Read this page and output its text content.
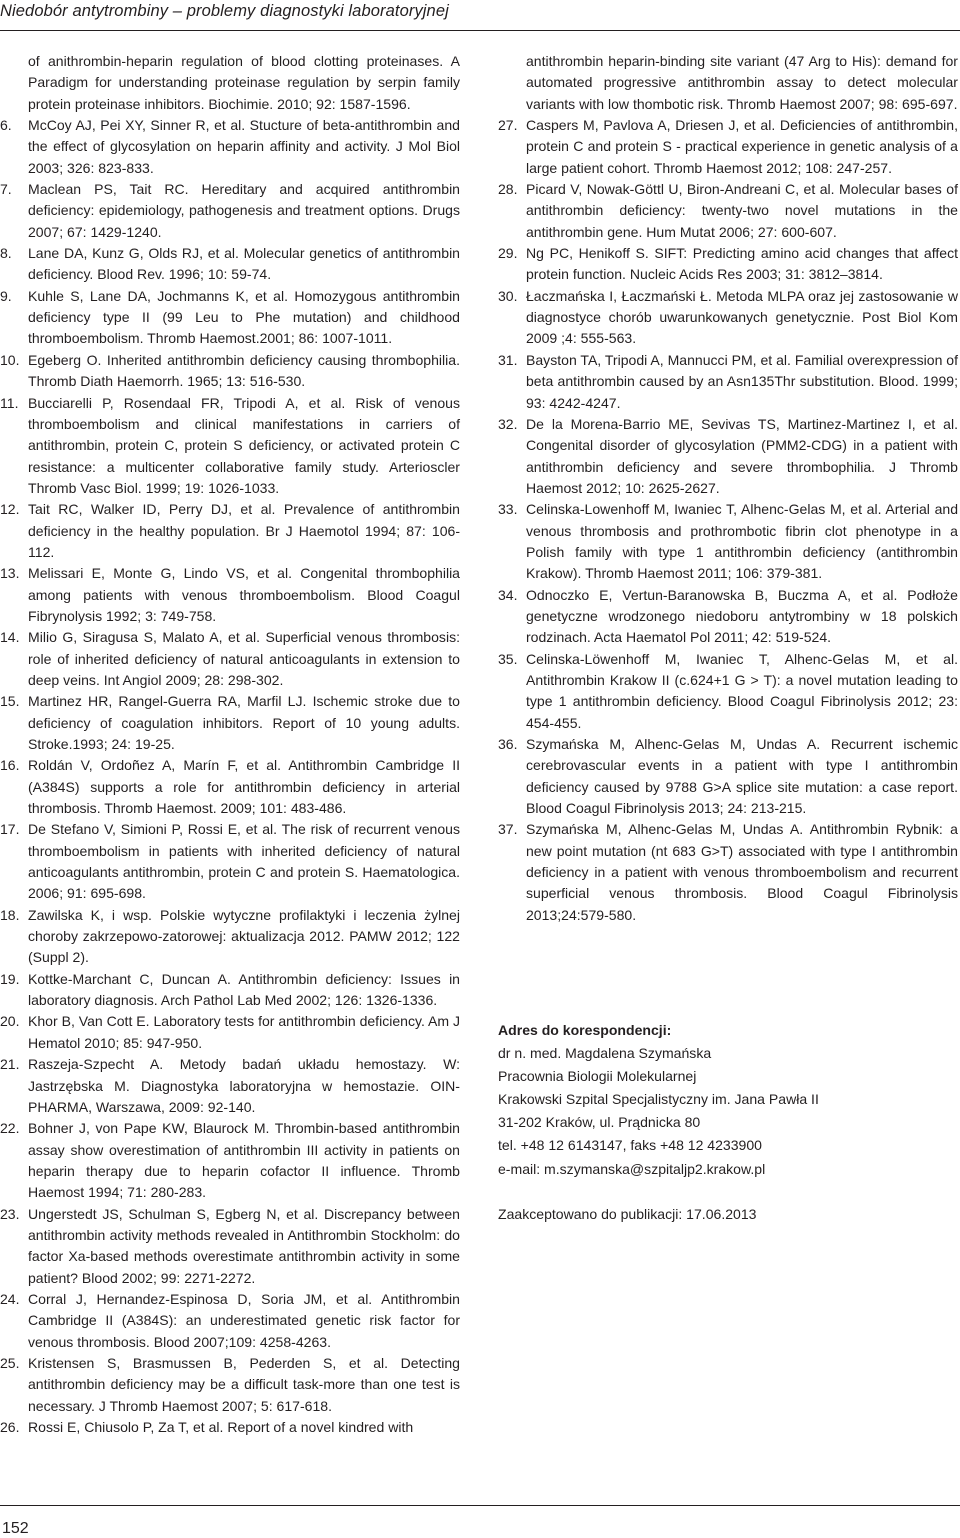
Niedobór antytrombiny – problemy diagnostyki laboratoryjnej
of anithrombin-heparin regulation of blood clotting proteinases. A Paradigm for understanding proteinase regulation by serpin family protein proteinase inhibitors. Biochimie. 2010; 92: 1587-1596.
6.	McCoy AJ, Pei XY, Sinner R, et al. Stucture of beta-antithrombin and the effect of glycosylation on heparin affinity and activity. J Mol Biol 2003; 326: 823-833.
7.	Maclean PS, Tait RC. Hereditary and acquired antithrombin deficiency: epidemiology, pathogenesis and treatment options. Drugs 2007; 67: 1429-1240.
8.	Lane DA, Kunz G, Olds RJ, et al. Molecular genetics of antithrombin deficiency. Blood Rev. 1996; 10: 59-74.
9.	Kuhle S, Lane DA, Jochmanns K, et al. Homozygous antithrombin deficiency type II (99 Leu to Phe mutation) and childhood thromboembolism. Thromb Haemost.2001; 86: 1007-1011.
10. Egeberg O. Inherited antithrombin deficiency causing thrombophilia. Thromb Diath Haemorrh. 1965; 13: 516-530.
11. Bucciarelli P, Rosendaal FR, Tripodi A, et al. Risk of venous thromboembolism and clinical manifestations in carriers of antithrombin, protein C, protein S deficiency, or activated protein C resistance: a multicenter collaborative family study. Arterioscler Thromb Vasc Biol. 1999; 19: 1026-1033.
12. Tait RC, Walker ID, Perry DJ, et al. Prevalence of antithrombin deficiency in the healthy population. Br J Haemotol 1994; 87: 106-112.
13. Melissari E, Monte G, Lindo VS, et al. Congenital thrombophilia among patients with venous thromboembolism. Blood Coagul Fibrynolysis 1992; 3: 749-758.
14. Milio G, Siragusa S, Malato A, et al. Superficial venous thrombosis: role of inherited deficiency of natural anticoagulants in extension to deep veins. Int Angiol 2009; 28: 298-302.
15. Martinez HR, Rangel-Guerra RA, Marfil LJ. Ischemic stroke due to deficiency of coagulation inhibitors. Report of 10 young adults. Stroke.1993; 24: 19-25.
16. Roldán V, Ordoñez A, Marín F, et al. Antithrombin Cambridge II (A384S) supports a role for antithrombin deficiency in arterial thrombosis. Thromb Haemost. 2009; 101: 483-486.
17. De Stefano V, Simioni P, Rossi E, et al. The risk of recurrent venous thromboembolism in patients with inherited deficiency of natural anticoagulants antithrombin, protein C and protein S. Haematologica. 2006; 91: 695-698.
18. Zawilska K, i wsp. Polskie wytyczne profilaktyki i leczenia żylnej choroby zakrzepowo-zatorowej: aktualizacja 2012. PAMW 2012; 122 (Suppl 2).
19. Kottke-Marchant C, Duncan A. Antithrombin deficiency: Issues in laboratory diagnosis. Arch Pathol Lab Med 2002; 126: 1326-1336.
20. Khor B, Van Cott E. Laboratory tests for antithrombin deficiency. Am J Hematol 2010; 85: 947-950.
21. Raszeja-Szpecht A. Metody badań układu hemostazy. W: Jastrzębska M. Diagnostyka laboratoryjna w hemostazie. OIN-PHARMA, Warszawa, 2009: 92-140.
22. Bohner J, von Pape KW, Blaurock M. Thrombin-based antithrombin assay show overestimation of antithrombin III activity in patients on heparin therapy due to heparin cofactor II influence. Thromb Haemost 1994; 71: 280-283.
23. Ungerstedt JS, Schulman S, Egberg N, et al. Discrepancy between antithrombin activity methods revealed in Antithrombin Stockholm: do factor Xa-based methods overestimate antithrombin activity in some patient? Blood 2002; 99: 2271-2272.
24. Corral J, Hernandez-Espinosa D, Soria JM, et al. Antithrombin Cambridge II (A384S): an underestimated genetic risk factor for venous thrombosis. Blood 2007;109: 4258-4263.
25. Kristensen S, Brasmussen B, Pederden S, et al. Detecting antithrombin deficiency may be a difficult task-more than one test is necessary. J Thromb Haemost 2007; 5: 617-618.
26. Rossi E, Chiusolo P, Za T, et al. Report of a novel kindred with
antithrombin heparin-binding site variant (47 Arg to His): demand for automated progressive antithrombin assay to detect molecular variants with low thombotic risk. Thromb Haemost 2007; 98: 695-697.
27. Caspers M, Pavlova A, Driesen J, et al. Deficiencies of antithrombin, protein C and protein S - practical experience in genetic analysis of a large patient cohort. Thromb Haemost 2012; 108: 247-257.
28. Picard V, Nowak-Göttl U, Biron-Andreani C, et al. Molecular bases of antithrombin deficiency: twenty-two novel mutations in the antithrombin gene. Hum Mutat 2006; 27: 600-607.
29. Ng PC, Henikoff S. SIFT: Predicting amino acid changes that affect protein function. Nucleic Acids Res 2003; 31: 3812–3814.
30. Łaczmańska I, Łaczmański Ł. Metoda MLPA oraz jej zastosowanie w diagnostyce chorób uwarunkowanych genetycznie. Post Biol Kom 2009 ;4: 555-563.
31. Bayston TA, Tripodi A, Mannucci PM, et al. Familial overexpression of beta antithrombin caused by an Asn135Thr substitution. Blood. 1999; 93: 4242-4247.
32. De la Morena-Barrio ME, Sevivas TS, Martinez-Martinez I, et al. Congenital disorder of glycosylation (PMM2-CDG) in a patient with antithrombin deficiency and severe thrombophilia. J Thromb Haemost 2012; 10: 2625-2627.
33. Celinska-Lowenhoff M, Iwaniec T, Alhenc-Gelas M, et al. Arterial and venous thrombosis and prothrombotic fibrin clot phenotype in a Polish family with type 1 antithrombin deficiency (antithrombin Krakow). Thromb Haemost 2011; 106: 379-381.
34. Odnoczko E, Vertun-Baranowska B, Buczma A, et al. Podłoże genetyczne wrodzonego niedoboru antytrombiny w 18 polskich rodzinach. Acta Haematol Pol 2011; 42: 519-524.
35. Celinska-Löwenhoff M, Iwaniec T, Alhenc-Gelas M, et al. Antithrombin Krakow II (c.624+1 G > T): a novel mutation leading to type 1 antithrombin deficiency. Blood Coagul Fibrinolysis 2012; 23: 454-455.
36. Szymańska M, Alhenc-Gelas M, Undas A. Recurrent ischemic cerebrovascular events in a patient with type I antithrombin deficiency caused by 9788 G>A splice site mutation: a case report. Blood Coagul Fibrinolysis 2013; 24: 213-215.
37. Szymańska M, Alhenc-Gelas M, Undas A. Antithrombin Rybnik: a new point mutation (nt 683 G>T) associated with type I antithrombin deficiency in a patient with venous thromboembolism and recurrent superficial venous thrombosis. Blood Coagul Fibrinolysis 2013;24:579-580.
Adres do korespondencji:
dr n. med. Magdalena Szymańska
Pracownia Biologii Molekularnej
Krakowski Szpital Specjalistyczny im. Jana Pawła II
31-202 Kraków, ul. Prądnicka 80
tel. +48 12 6143147, faks +48 12 4233900
e-mail: m.szymanska@szpitaljp2.krakow.pl
Zaakceptowano do publikacji: 17.06.2013
152
